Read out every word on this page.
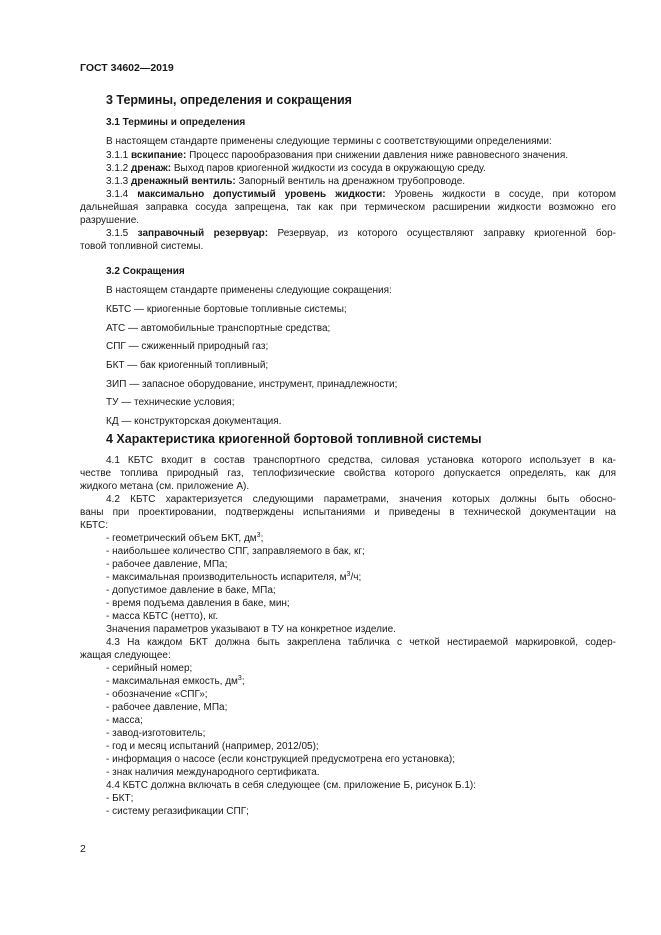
ГОСТ 34602—2019
3 Термины, определения и сокращения
3.1 Термины и определения
В настоящем стандарте применены следующие термины с соответствующими определениями:
3.1.1 вскипание: Процесс парообразования при снижении давления ниже равновесного значения.
3.1.2 дренаж: Выход паров криогенной жидкости из сосуда в окружающую среду.
3.1.3 дренажный вентиль: Запорный вентиль на дренажном трубопроводе.
3.1.4 максимально допустимый уровень жидкости: Уровень жидкости в сосуде, при котором
дальнейшая заправка сосуда запрещена, так как при термическом расширении жидкости возможно его
разрушение.
3.1.5 заправочный резервуар: Резервуар, из которого осуществляют заправку криогенной бор-
товой топливной системы.
3.2 Сокращения
В настоящем стандарте применены следующие сокращения:
КБТС — криогенные бортовые топливные системы;
АТС — автомобильные транспортные средства;
СПГ — сжиженный природный газ;
БКТ — бак криогенный топливный;
ЗИП — запасное оборудование, инструмент, принадлежности;
ТУ — технические условия;
КД — конструкторская документация.
4 Характеристика криогенной бортовой топливной системы
4.1 КБТС входит в состав транспортного средства, силовая установка которого использует в ка-
честве топлива природный газ, теплофизические свойства которого допускается определять, как для
жидкого метана (см. приложение А).
4.2 КБТС характеризуется следующими параметрами, значения которых должны быть обосно-
ваны при проектировании, подтверждены испытаниями и приведены в технической документации на
КБТС:
- геометрический объем БКТ, $дм^3$;
- наибольшее количество СПГ, заправляемого в бак, кг;
- рабочее давление, МПа;
- максимальная производительность испарителя, $м^3/ч$;
- допустимое давление в баке, МПа;
- время подъема давления в баке, мин;
- масса КБТС (нетто), кг.
Значения параметров указывают в ТУ на конкретное изделие.
4.3 На каждом БКТ должна быть закреплена табличка с четкой нестираемой маркировкой, содер-
жащая следующее:
- серийный номер;
- максимальная емкость, $дм^3$;
- обозначение «СПГ»;
- рабочее давление, МПа;
- масса;
- завод-изготовитель;
- год и месяц испытаний (например, 2012/05);
- информация о насосе (если конструкцией предусмотрена его установка);
- знак наличия международного сертификата.
4.4 КБТС должна включать в себя следующее (см. приложение Б, рисунок Б.1):
- БКТ;
- систему регазификации СПГ;
2
